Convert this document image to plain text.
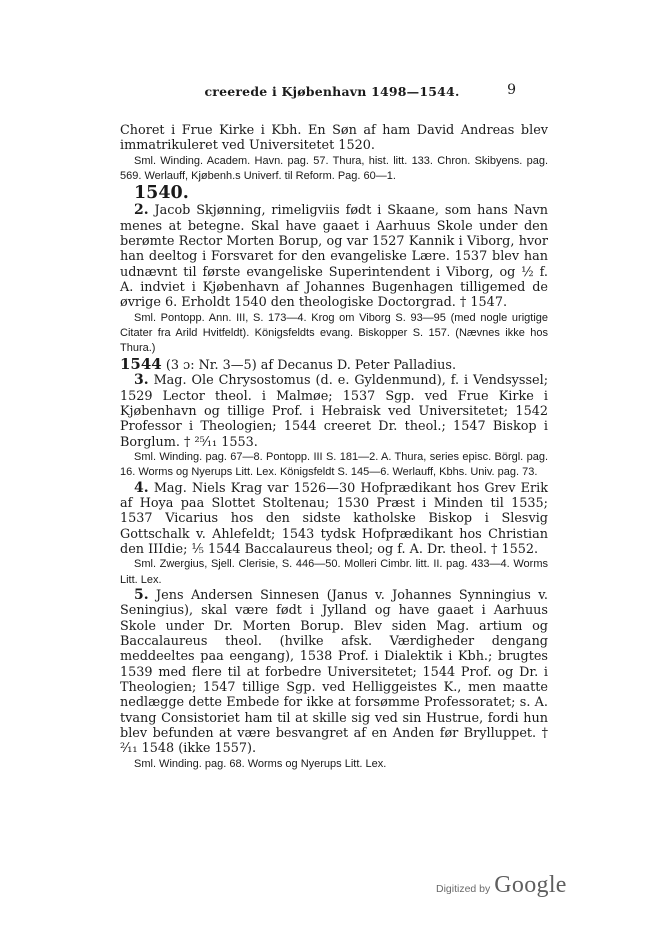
creerede i Kjøbenhavn 1498—1544.	9

Choret i Frue Kirke i Kbh. En Søn af ham David Andreas blev immatrikuleret ved Universitetet 1520.

Sml. Winding. Academ. Havn. pag. 57. Thura, hist. litt. 133. Chron. Skibyens. pag. 569. Werlauff, Kjøbenh.s Univerf. til Reform. Pag. 60—1.

1540.

2. Jacob Skjønning, rimeligviis født i Skaane, som hans Navn menes at betegne. Skal have gaaet i Aarhuus Skole under den berømte Rector Morten Borup, og var 1527 Kannik i Viborg, hvor han deeltog i Forsvaret for den evangeliske Lære. 1537 blev han udnævnt til første evangeliske Superintendent i Viborg, og ½ f. A. indviet i Kjøbenhavn af Johannes Bugenhagen tilligemed de øvrige 6. Erholdt 1540 den theologiske Doctorgrad. † 1547.

Sml. Pontopp. Ann. III, S. 173—4. Krog om Viborg S. 93—95 (med nogle urigtige Citater fra Arild Hvitfeldt). Königsfeldts evang. Biskopper S. 157. (Nævnes ikke hos Thura.)

1544 (3 ɔ: Nr. 3—5) af Decanus D. Peter Palladius.

3. Mag. Ole Chrysostomus (d. e. Gyldenmund), f. i Vendsyssel; 1529 Lector theol. i Malmøe; 1537 Sgp. ved Frue Kirke i Kjøbenhavn og tillige Prof. i Hebraisk ved Universitetet; 1542 Professor i Theologien; 1544 creeret Dr. theol.; 1547 Biskop i Borglum. † ²⁵⁄₁₁ 1553.

Sml. Winding. pag. 67—8. Pontopp. III S. 181—2. A. Thura, series episc. Börgl. pag. 16. Worms og Nyerups Litt. Lex. Königsfeldt S. 145—6. Werlauff, Kbhs. Univ. pag. 73.

4. Mag. Niels Krag var 1526—30 Hofprædikant hos Grev Erik af Hoya paa Slottet Stoltenau; 1530 Præst i Minden til 1535; 1537 Vicarius hos den sidste katholske Biskop i Slesvig Gottschalk v. Ahlefeldt; 1543 tydsk Hofprædikant hos Christian den IIIdie; ⅕ 1544 Baccalaureus theol; og f. A. Dr. theol. † 1552.

Sml. Zwergius, Sjell. Clerisie, S. 446—50. Molleri Cimbr. litt. II. pag. 433—4. Worms Litt. Lex.

5. Jens Andersen Sinnesen (Janus v. Johannes Synningius v. Seningius), skal være født i Jylland og have gaaet i Aarhuus Skole under Dr. Morten Borup. Blev siden Mag. artium og Baccalaureus theol. (hvilke afsk. Værdigheder dengang meddeeltes paa eengang), 1538 Prof. i Dialektik i Kbh.; brugtes 1539 med flere til at forbedre Universitetet; 1544 Prof. og Dr. i Theologien; 1547 tillige Sgp. ved Helliggeistes K., men maatte nedlægge dette Embede for ikke at forsømme Professoratet; s. A. tvang Consistoriet ham til at skille sig ved sin Hustrue, fordi hun blev befunden at være besvangret af en Anden før Brylluppet. † ²⁄₁₁ 1548 (ikke 1557).

Sml. Winding. pag. 68. Worms og Nyerups Litt. Lex.

Digitized by Google
